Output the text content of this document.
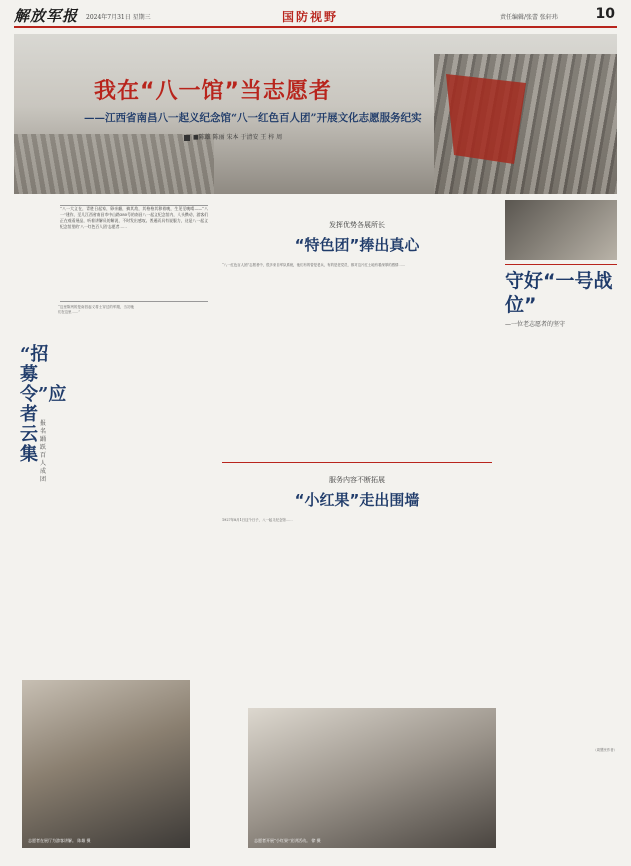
解放军报 2024年7月31日 星期三	国防视野	责任编辑/张蕾 张轩玮	10
我在“八一馆”当志愿者
——江西省南昌八一起义纪念馆“八一红色百人团”开展文化志愿服务纪实
■陈雄 陈丽 宋本 于清安 王 梓 周
“八一大义在，青胜日起家，卵亲翻，摘其敌，其格格其移着晚，生见至晚晴——“八一”建作，至几江西省南昌市中山路380号的南昌八一起义纪念馆内，人头攒动，游客们正在观看展品，听着讲解员的解说，不时发出感叹。普通而具有说服力，这是八一起义纪念馆里的‘八一红色百人团’志愿者……
“招募令”应者云集
报名踊跃 百人成团
“这里陈列的是南昌起义将士穿过的军服，当初他们在这里……”
发挥优势各展所长
“特色团”捧出真心
“八一红色百人团”志愿者中，很多来自军队系统，他们有的曾是老兵，有的是老党员，都对这片红土地有着深厚的感情……
服务内容不断拓展
“小红果”走出围墙
1927年8月1日这个日子，八一起义纪念馆……
守好“一号战位”
—一位老志愿者的坚守
（周慧民作者）
志愿者在展厅为游客讲解。 陈雄 摄	志愿者开展“小红果”宣讲活动。 徐 摄
